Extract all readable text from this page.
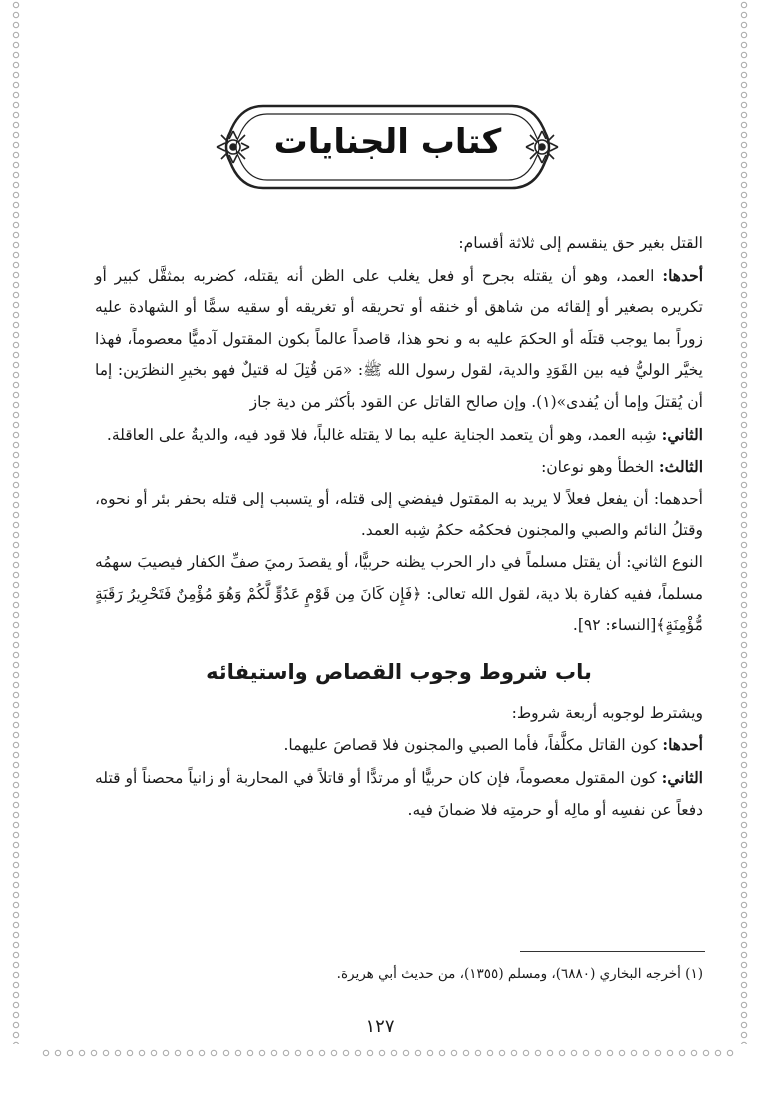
كتاب الجنايات

القتل بغير حق ينقسم إلى ثلاثة أقسام:

أحدها: العمد، وهو أن يقتله بجرح أو فعل يغلب على الظن أنه يقتله، كضربه بمثقَّل كبير أو تكريره بصغير أو إلقائه من شاهق أو خنقه أو تحريقه أو تغريقه أو سقيه سمًّا أو الشهادة عليه زوراً بما يوجب قتلَه أو الحكمَ عليه به و نحو هذا، قاصداً عالماً بكون المقتول آدميًّا معصوماً، فهذا يخيَّر الوليُّ فيه بين القَوَدِ والدية، لقول رسول الله ﷺ: «مَن قُتِلَ له قتيلٌ فهو بخيرِ النظرَين: إما أن يُقتلَ وإما أن يُفدى»(١). وإن صالح القاتل عن القود بأكثر من دية جاز

الثاني: شِبه العمد، وهو أن يتعمد الجناية عليه بما لا يقتله غالباً، فلا قود فيه، والديةُ على العاقلة.

الثالث: الخطأ وهو نوعان:

أحدهما: أن يفعل فعلاً لا يريد به المقتول فيفضي إلى قتله، أو يتسبب إلى قتله بحفر بئر أو نحوه، وقتلُ النائم والصبي والمجنون فحكمُه حكمُ شِبه العمد.

النوع الثاني: أن يقتل مسلماً في دار الحرب يظنه حربيًّا، أو يقصدَ رميَ صفِّ الكفار فيصيبَ سهمُه مسلماً، ففيه كفارة بلا دية، لقول الله تعالى: ﴿فَإِن كَانَ مِن قَوْمٍ عَدُوٍّ لَّكُمْ وَهُوَ مُؤْمِنٌ فَتَحْرِيرُ رَقَبَةٍ مُّؤْمِنَةٍ﴾[النساء: ٩٢].

باب شروط وجوب القصاص واستيفائه

ويشترط لوجوبه أربعة شروط:

أحدها: كون القاتل مكلَّفاً، فأما الصبي والمجنون فلا قصاصَ عليهما.

الثاني: كون المقتول معصوماً، فإن كان حربيًّا أو مرتدًّا أو قاتلاً في المحاربة أو زانياً محصناً أو قتله دفعاً عن نفسِه أو مالِه أو حرمتِه فلا ضمانَ فيه.

(١) أخرجه البخاري (٦٨٨٠)، ومسلم (١٣٥٥)، من حديث أبي هريرة.
١٢٧
